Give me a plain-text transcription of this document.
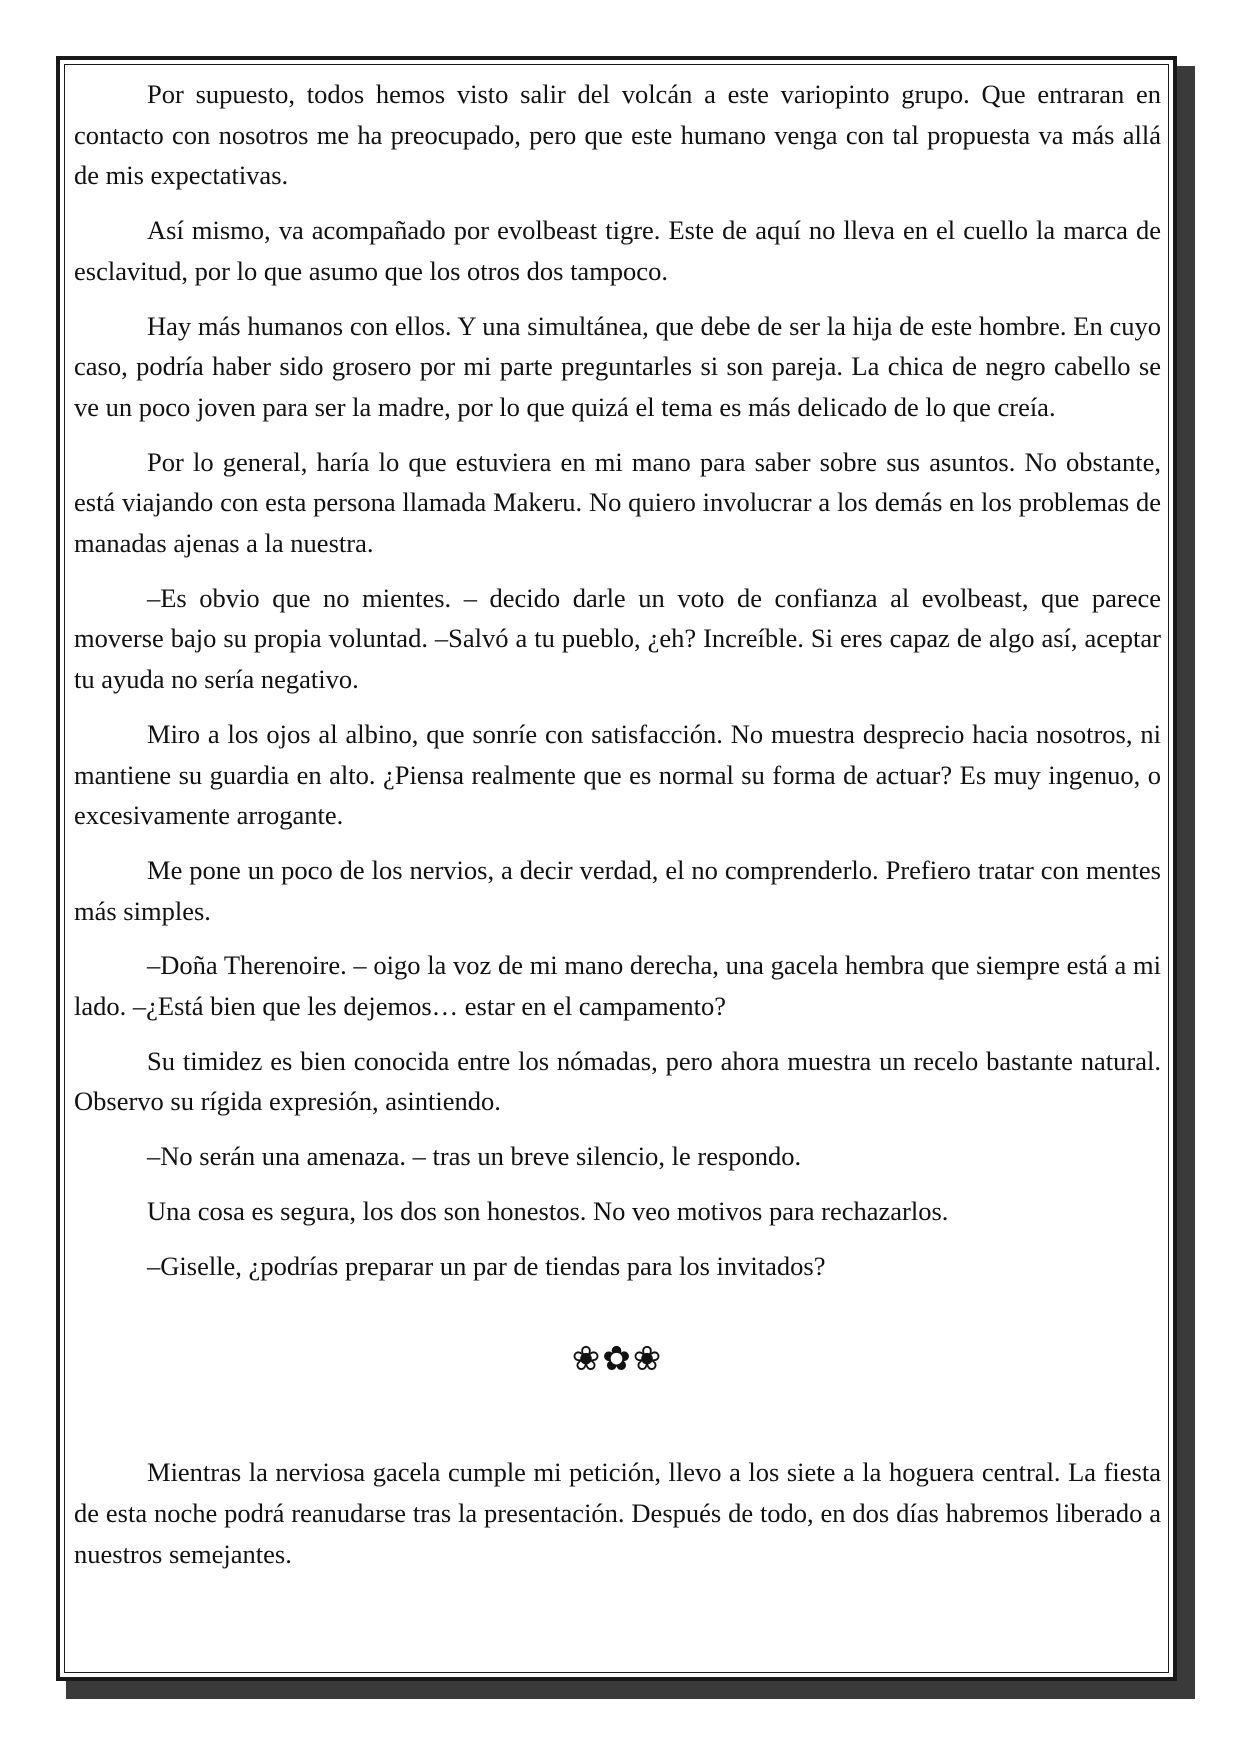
Por supuesto, todos hemos visto salir del volcán a este variopinto grupo. Que entraran en contacto con nosotros me ha preocupado, pero que este humano venga con tal propuesta va más allá de mis expectativas.

Así mismo, va acompañado por evolbeast tigre. Este de aquí no lleva en el cuello la marca de esclavitud, por lo que asumo que los otros dos tampoco.

Hay más humanos con ellos. Y una simultánea, que debe de ser la hija de este hombre. En cuyo caso, podría haber sido grosero por mi parte preguntarles si son pareja. La chica de negro cabello se ve un poco joven para ser la madre, por lo que quizá el tema es más delicado de lo que creía.

Por lo general, haría lo que estuviera en mi mano para saber sobre sus asuntos. No obstante, está viajando con esta persona llamada Makeru. No quiero involucrar a los demás en los problemas de manadas ajenas a la nuestra.

–Es obvio que no mientes. – decido darle un voto de confianza al evolbeast, que parece moverse bajo su propia voluntad. –Salvó a tu pueblo, ¿eh? Increíble. Si eres capaz de algo así, aceptar tu ayuda no sería negativo.

Miro a los ojos al albino, que sonríe con satisfacción. No muestra desprecio hacia nosotros, ni mantiene su guardia en alto. ¿Piensa realmente que es normal su forma de actuar? Es muy ingenuo, o excesivamente arrogante.

Me pone un poco de los nervios, a decir verdad, el no comprenderlo. Prefiero tratar con mentes más simples.

–Doña Therenoire. – oigo la voz de mi mano derecha, una gacela hembra que siempre está a mi lado. –¿Está bien que les dejemos… estar en el campamento?

Su timidez es bien conocida entre los nómadas, pero ahora muestra un recelo bastante natural. Observo su rígida expresión, asintiendo.

–No serán una amenaza. – tras un breve silencio, le respondo.

Una cosa es segura, los dos son honestos. No veo motivos para rechazarlos.

–Giselle, ¿podrías preparar un par de tiendas para los invitados?

❀✿❀

Mientras la nerviosa gacela cumple mi petición, llevo a los siete a la hoguera central. La fiesta de esta noche podrá reanudarse tras la presentación. Después de todo, en dos días habremos liberado a nuestros semejantes.
